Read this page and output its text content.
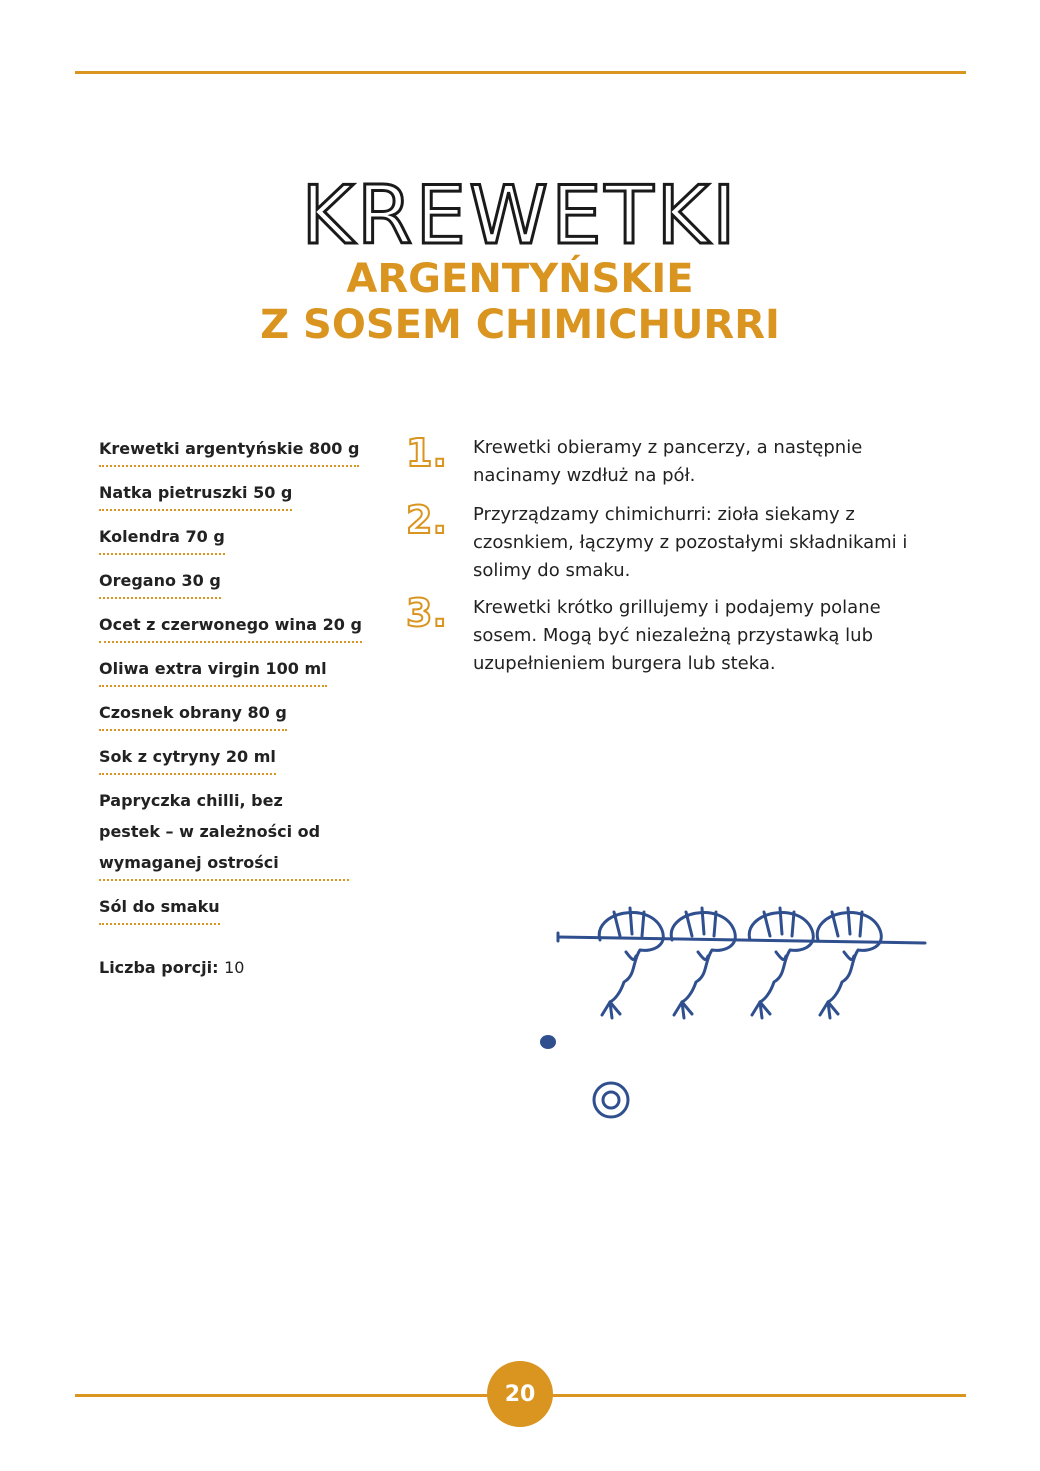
KREWETKI
ARGENTYŃSKIE
Z SOSEM CHIMICHURRI
Krewetki argentyńskie 800 g
Natka pietruszki 50 g
Kolendra 70 g
Oregano 30 g
Ocet z czerwonego wina 20 g
Oliwa extra virgin 100 ml
Czosnek obrany 80 g
Sok z cytryny 20 ml
Papryczka chilli, bez pestek – w zależności od wymaganej ostrości
Sól do smaku

Liczba porcji: 10

1. Krewetki obieramy z pancerzy, a następnie nacinamy wzdłuż na pół.

2. Przyrządzamy chimichurri: zioła siekamy z czosnkiem, łączymy z pozostałymi składnikami i solimy do smaku.

3. Krewetki krótko grillujemy i podajemy polane sosem. Mogą być niezależną przystawką lub uzupełnieniem burgera lub steka.

20
